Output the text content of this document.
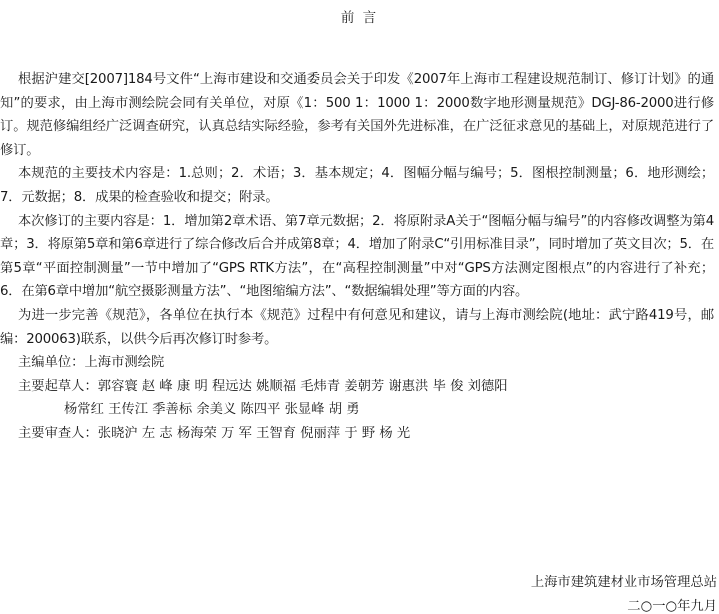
前 言

根据沪建交[2007]184号文件“上海市建设和交通委员会关于印发《2007年上海市工程建设规范制订、修订计划》的通知”的要求，由上海市测绘院会同有关单位，对原《1：500 1：1000 1：2000数字地形测量规范》DGJ-86-2000进行修订。规范修编组经广泛调查研究，认真总结实际经验，参考有关国外先进标准，在广泛征求意见的基础上，对原规范进行了修订。

本规范的主要技术内容是：1.总则；2．术语；3．基本规定；4．图幅分幅与编号；5．图根控制测量；6．地形测绘；7．元数据；8．成果的检查验收和提交；附录。

本次修订的主要内容是：1．增加第2章术语、第7章元数据；2．将原附录A关于“图幅分幅与编号”的内容修改调整为第4章；3．将原第5章和第6章进行了综合修改后合并成第8章；4．增加了附录C“引用标准目录”，同时增加了英文目次；5．在第5章“平面控制测量”一节中增加了“GPS RTK方法”，在“高程控制测量”中对“GPS方法测定图根点”的内容进行了补充；6．在第6章中增加“航空摄影测量方法”、“地图缩编方法”、“数据编辑处理”等方面的内容。

为进一步完善《规范》，各单位在执行本《规范》过程中有何意见和建议，请与上海市测绘院(地址：武宁路419号，邮编：200063)联系，以供今后再次修订时参考。

主编单位：上海市测绘院

主要起草人：郭容寰 赵 峰 康 明 程远达 姚顺福 毛炜青 姜朝芳 谢惠洪 毕 俊 刘德阳

杨常红 王传江 季善标 余美义 陈四平 张显峰 胡 勇

主要审查人：张晓沪 左 志 杨海荣 万 军 王智育 倪丽萍 于 野 杨 光

上海市建筑建材业市场管理总站
二○一○年九月
